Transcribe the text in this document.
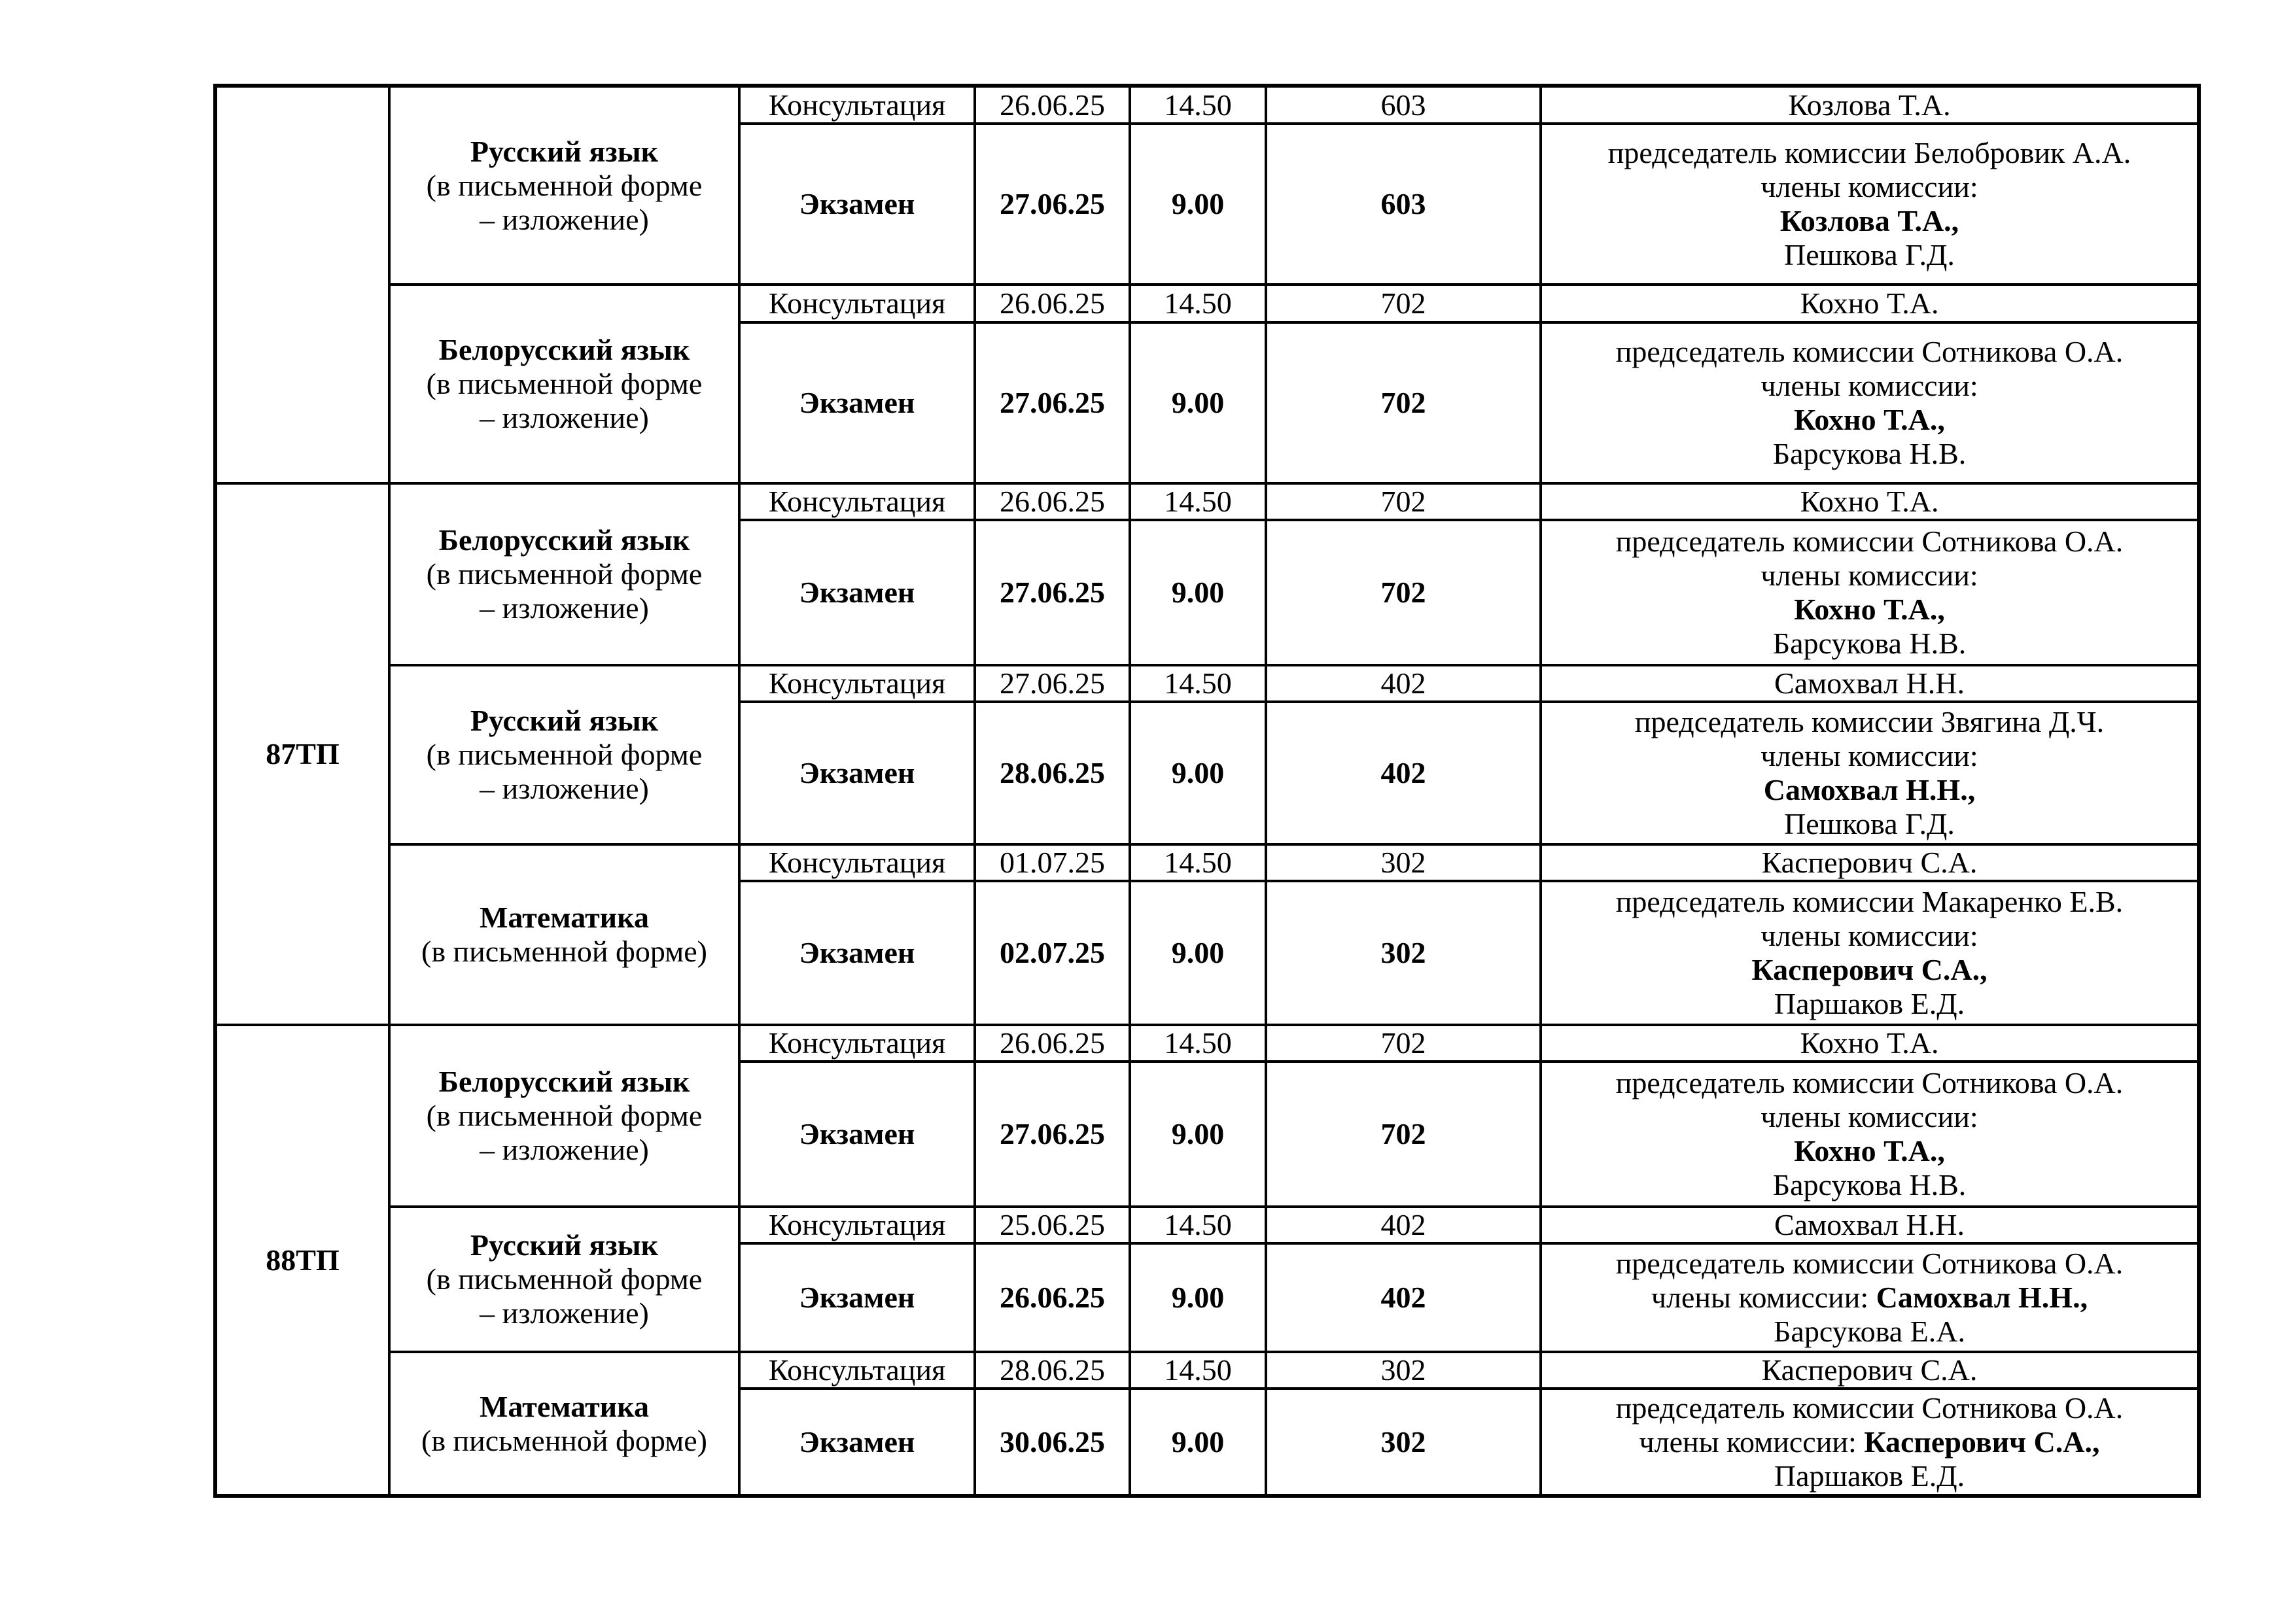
	Русский язык
(в письменной форме
– изложение)	Консультация	26.06.25	14.50	603	Козлова Т.А.
		Экзамен	27.06.25	9.00	603	председатель комиссии Белобровик А.А.
члены комиссии:
Козлова Т.А.,
Пешкова Г.Д.

	Белорусский язык
(в письменной форме
– изложение)	Консультация	26.06.25	14.50	702	Кохно Т.А.
		Экзамен	27.06.25	9.00	702	председатель комиссии Сотникова О.А.
члены комиссии:
Кохно Т.А.,
Барсукова Н.В.

87ТП	Белорусский язык
(в письменной форме
– изложение)	Консультация	26.06.25	14.50	702	Кохно Т.А.
		Экзамен	27.06.25	9.00	702	председатель комиссии Сотникова О.А.
члены комиссии:
Кохно Т.А.,
Барсукова Н.В.

	Русский язык
(в письменной форме
– изложение)	Консультация	27.06.25	14.50	402	Самохвал Н.Н.
		Экзамен	28.06.25	9.00	402	председатель комиссии Звягина Д.Ч.
члены комиссии:
Самохвал Н.Н.,
Пешкова Г.Д.

	Математика
(в письменной форме)	Консультация	01.07.25	14.50	302	Касперович С.А.
		Экзамен	02.07.25	9.00	302	председатель комиссии Макаренко Е.В.
члены комиссии:
Касперович С.А.,
Паршаков Е.Д.

88ТП	Белорусский язык
(в письменной форме
– изложение)	Консультация	26.06.25	14.50	702	Кохно Т.А.
		Экзамен	27.06.25	9.00	702	председатель комиссии Сотникова О.А.
члены комиссии:
Кохно Т.А.,
Барсукова Н.В.

	Русский язык
(в письменной форме
– изложение)	Консультация	25.06.25	14.50	402	Самохвал Н.Н.
		Экзамен	26.06.25	9.00	402	председатель комиссии Сотникова О.А.
члены комиссии: Самохвал Н.Н.,
Барсукова Е.А.

	Математика
(в письменной форме)	Консультация	28.06.25	14.50	302	Касперович С.А.
		Экзамен	30.06.25	9.00	302	председатель комиссии Сотникова О.А.
члены комиссии: Касперович С.А.,
Паршаков Е.Д.
